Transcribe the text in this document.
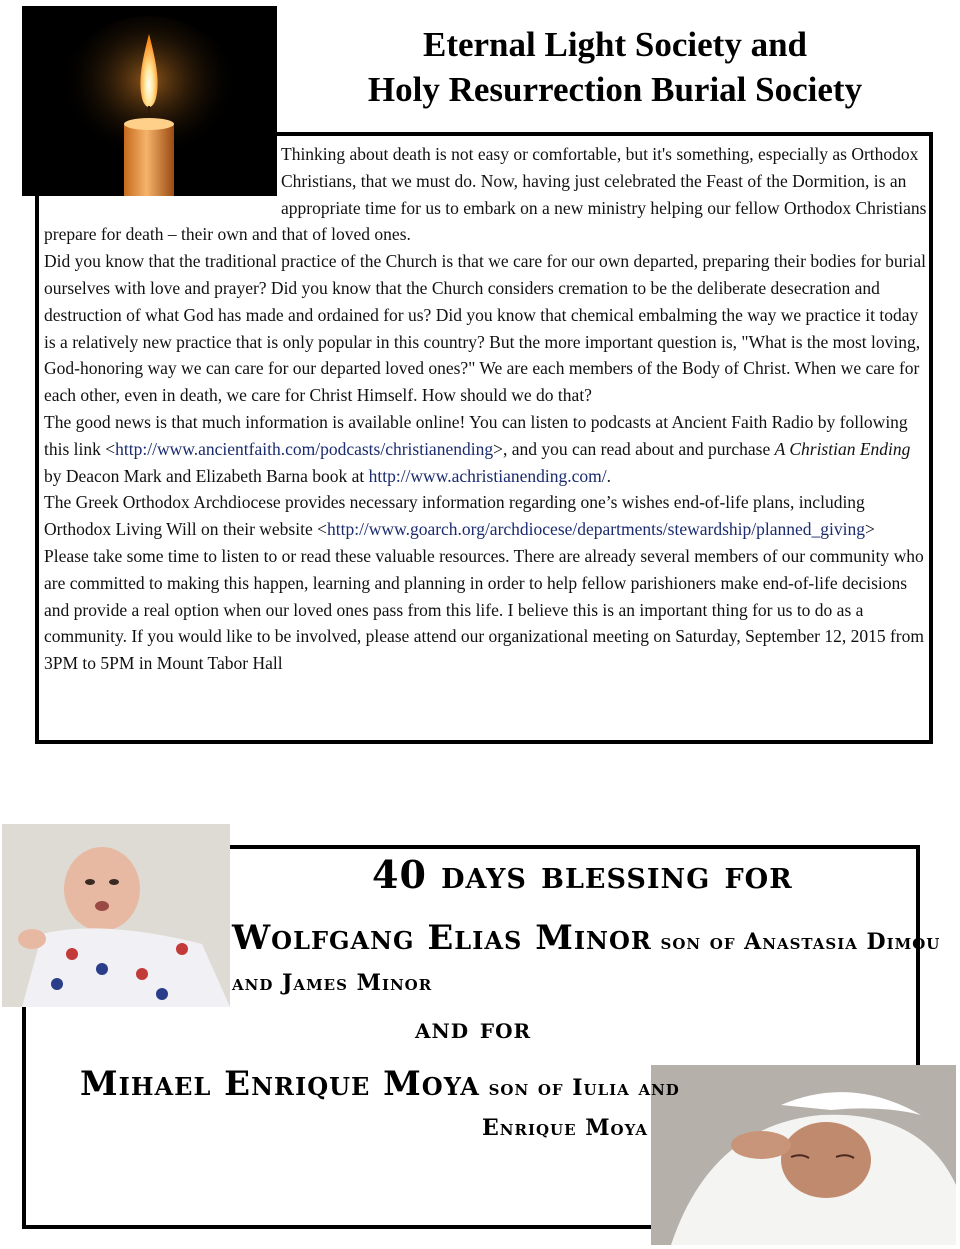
Eternal Light Society and
Holy Resurrection Burial Society

Thinking about death is not easy or comfortable, but it's something, especially as Orthodox Christians, that we must do. Now, having just celebrated the Feast of the Dormition, is an appropriate time for us to embark on a new ministry helping our fellow Orthodox Christians prepare for death – their own and that of loved ones.

Did you know that the traditional practice of the Church is that we care for our own departed, preparing their bodies for burial ourselves with love and prayer? Did you know that the Church considers cremation to be the deliberate desecration and destruction of what God has made and ordained for us? Did you know that chemical embalming the way we practice it today is a relatively new practice that is only popular in this country? But the more important question is, "What is the most loving, God-honoring way we can care for our departed loved ones?" We are each members of the Body of Christ. When we care for each other, even in death, we care for Christ Himself. How should we do that?

The good news is that much information is available online! You can listen to podcasts at Ancient Faith Radio by following this link <http://www.ancientfaith.com/podcasts/christianending>, and you can read about and purchase A Christian Ending by Deacon Mark and Elizabeth Barna book at http://www.achristianending.com/.

The Greek Orthodox Archdiocese provides necessary information regarding one’s wishes end-of-life plans, including Orthodox Living Will on their website <http://www.goarch.org/archdiocese/departments/stewardship/planned_giving>

Please take some time to listen to or read these valuable resources. There are already several members of our community who are committed to making this happen, learning and planning in order to help fellow parishioners make end-of-life decisions and provide a real option when our loved ones pass from this life. I believe this is an important thing for us to do as a community. If you would like to be involved, please attend our organizational meeting on Saturday, September 12, 2015 from 3PM to 5PM in Mount Tabor Hall

40 days blessing for
Wolfgang Elias Minor son of Anastasia Dimou
and James Minor
and for
Mihael Enrique Moya son of Iulia and
Enrique Moya
